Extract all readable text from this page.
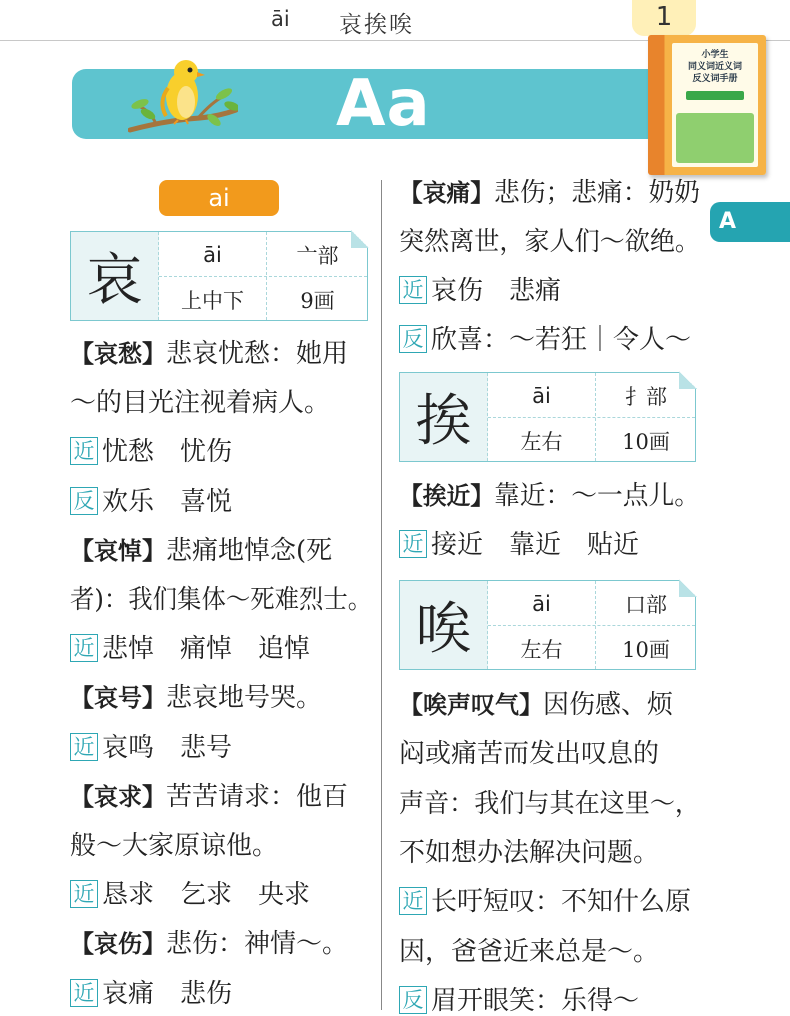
āi 哀挨唉	1
Aa
小学生
同义词近义词
反义词手册
A
ai
哀	āi	亠部
上中下	9画
挨	āi	扌部
左右	10画
唉	āi	口部
左右	10画
【哀愁】悲哀忧愁：她用
～的目光注视着病人。
近 忧愁　忧伤
反 欢乐　喜悦
【哀悼】悲痛地悼念(死
者)：我们集体～死难烈士。
近 悲悼　痛悼　追悼
【哀号】悲哀地号哭。
近 哀鸣　悲号
【哀求】苦苦请求：他百
般～大家原谅他。
近 恳求　乞求　央求
【哀伤】悲伤：神情～。
近 哀痛　悲伤
【哀痛】悲伤；悲痛：奶奶
突然离世，家人们～欲绝。
近 哀伤　悲痛
反 欣喜：～若狂｜令人～
【挨近】靠近：～一点儿。
近 接近　靠近　贴近
【唉声叹气】因伤感、烦
闷或痛苦而发出叹息的
声音：我们与其在这里～，
不如想办法解决问题。
近 长吁短叹：不知什么原
因，爸爸近来总是～。
反 眉开眼笑：乐得～
